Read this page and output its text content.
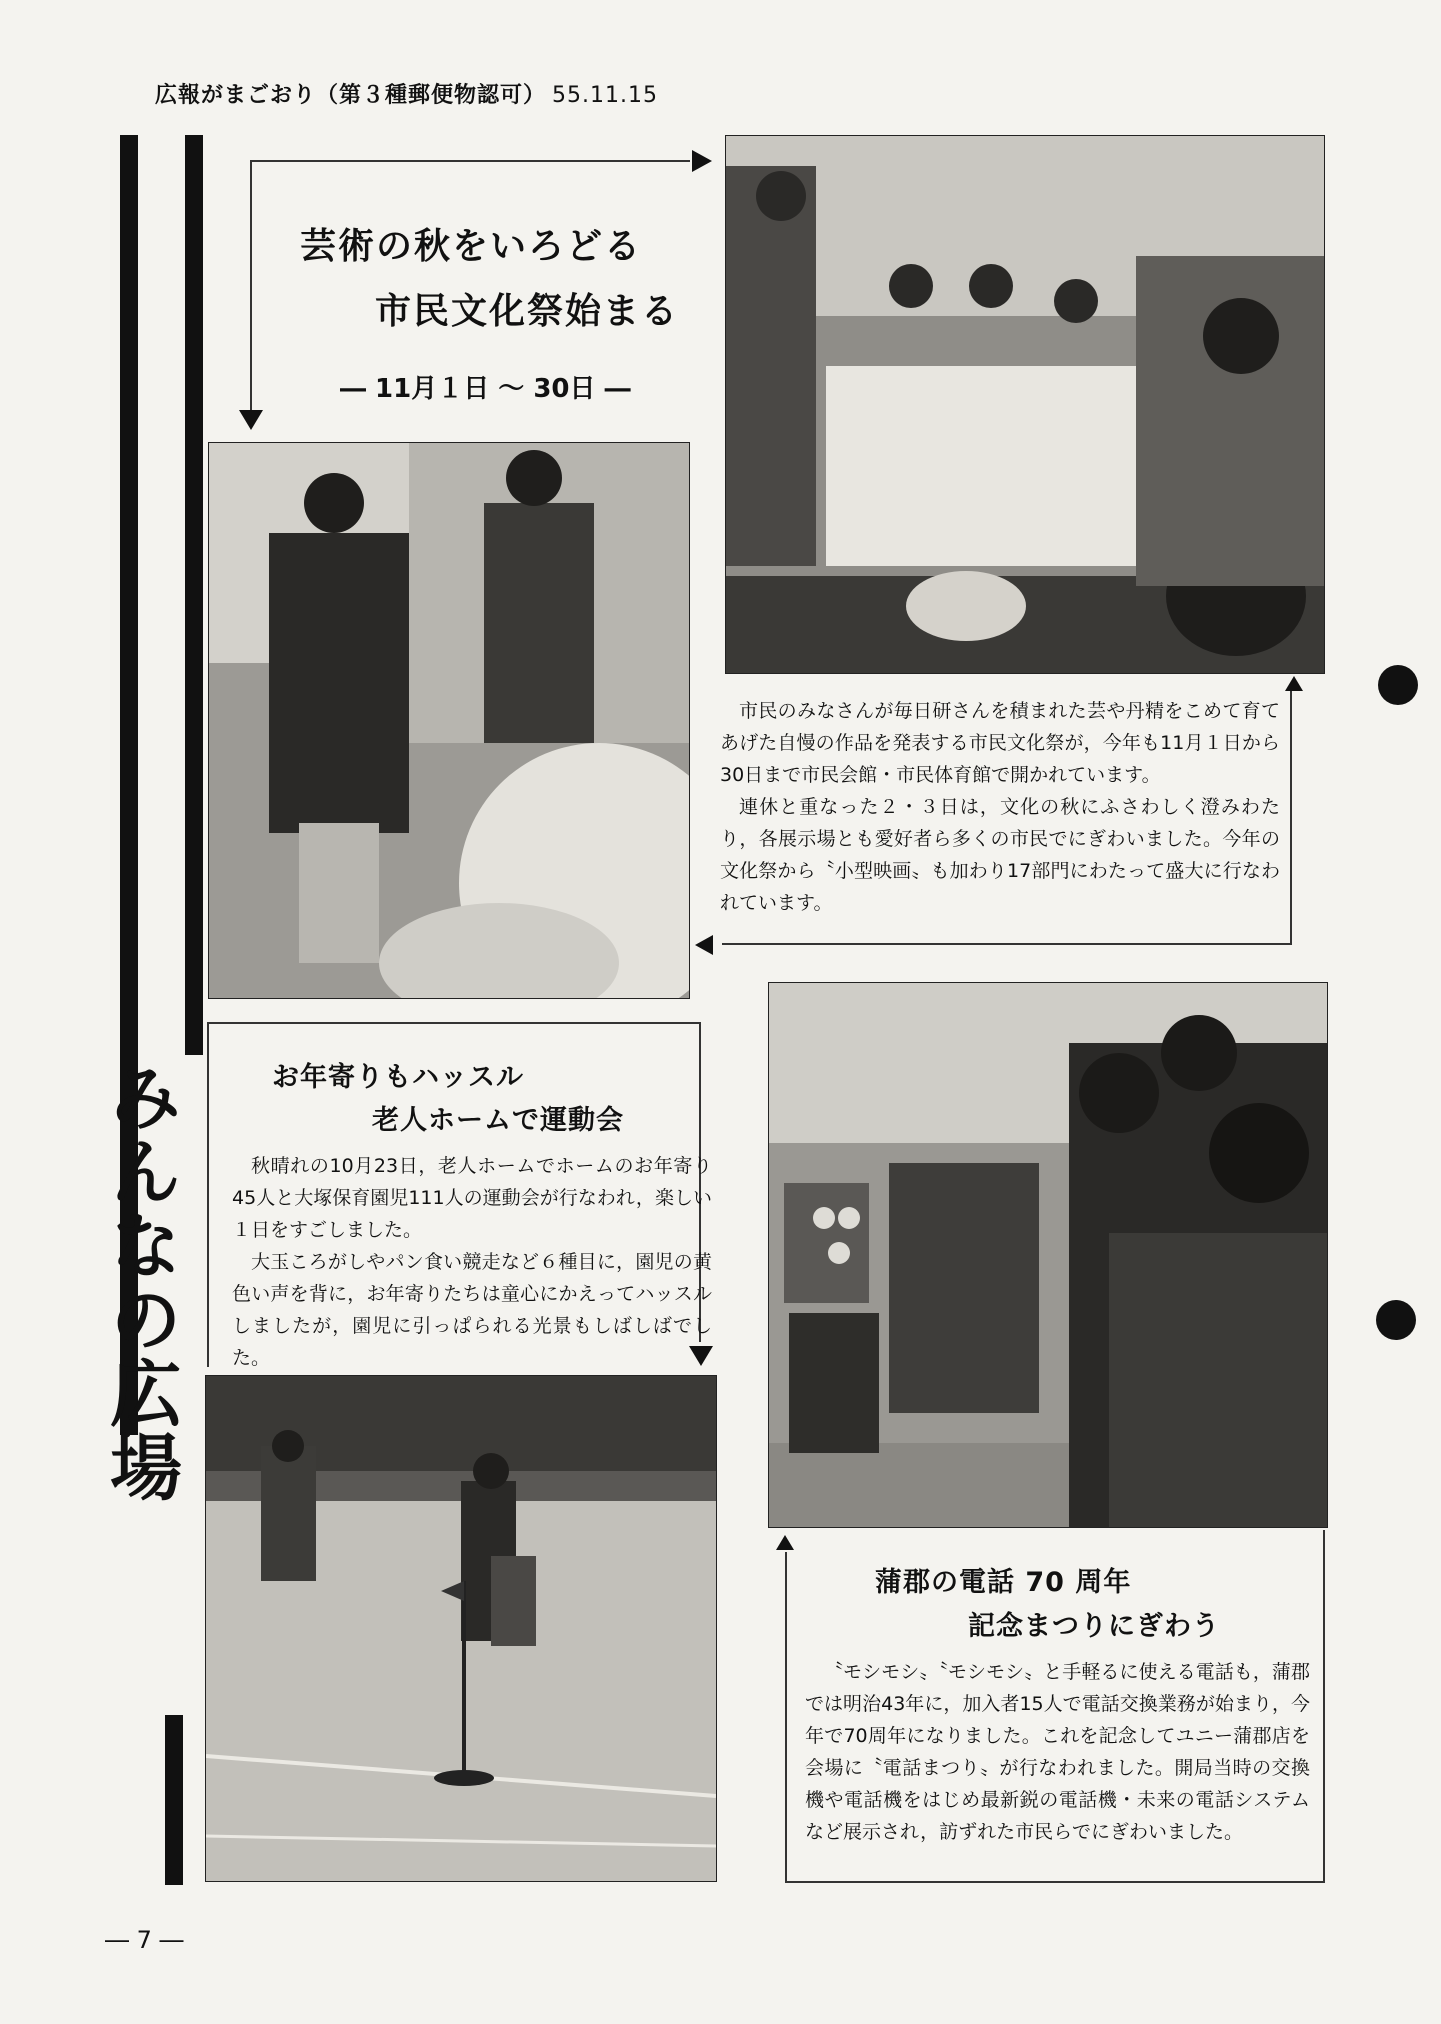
広報がまごおり（第３種郵便物認可） 55.11.15
みんなの広場
芸術の秋をいろどる
市民文化祭始まる
― 11月１日 ～ 30日 ―

市民のみなさんが毎日研さんを積まれた芸や丹精をこめて育てあげた自慢の作品を発表する市民文化祭が，今年も11月１日から30日まで市民会館・市民体育館で開かれています。

連休と重なった２・３日は，文化の秋にふさわしく澄みわたり，各展示場とも愛好者ら多くの市民でにぎわいました。今年の文化祭から〝小型映画〟も加わり17部門にわたって盛大に行なわれています。

お年寄りもハッスル
老人ホームで運動会

秋晴れの10月23日，老人ホームでホームのお年寄り45人と大塚保育園児111人の運動会が行なわれ，楽しい１日をすごしました。

大玉ころがしやパン食い競走など６種目に，園児の黄色い声を背に，お年寄りたちは童心にかえってハッスルしましたが，園児に引っぱられる光景もしばしばでした。

蒲郡の電話 70 周年
記念まつりにぎわう

〝モシモシ〟〝モシモシ〟と手軽るに使える電話も，蒲郡では明治43年に，加入者15人で電話交換業務が始まり，今年で70周年になりました。これを記念してユニー蒲郡店を会場に〝電話まつり〟が行なわれました。開局当時の交換機や電話機をはじめ最新鋭の電話機・未来の電話システムなど展示され，訪ずれた市民らでにぎわいました。

― 7 ―
